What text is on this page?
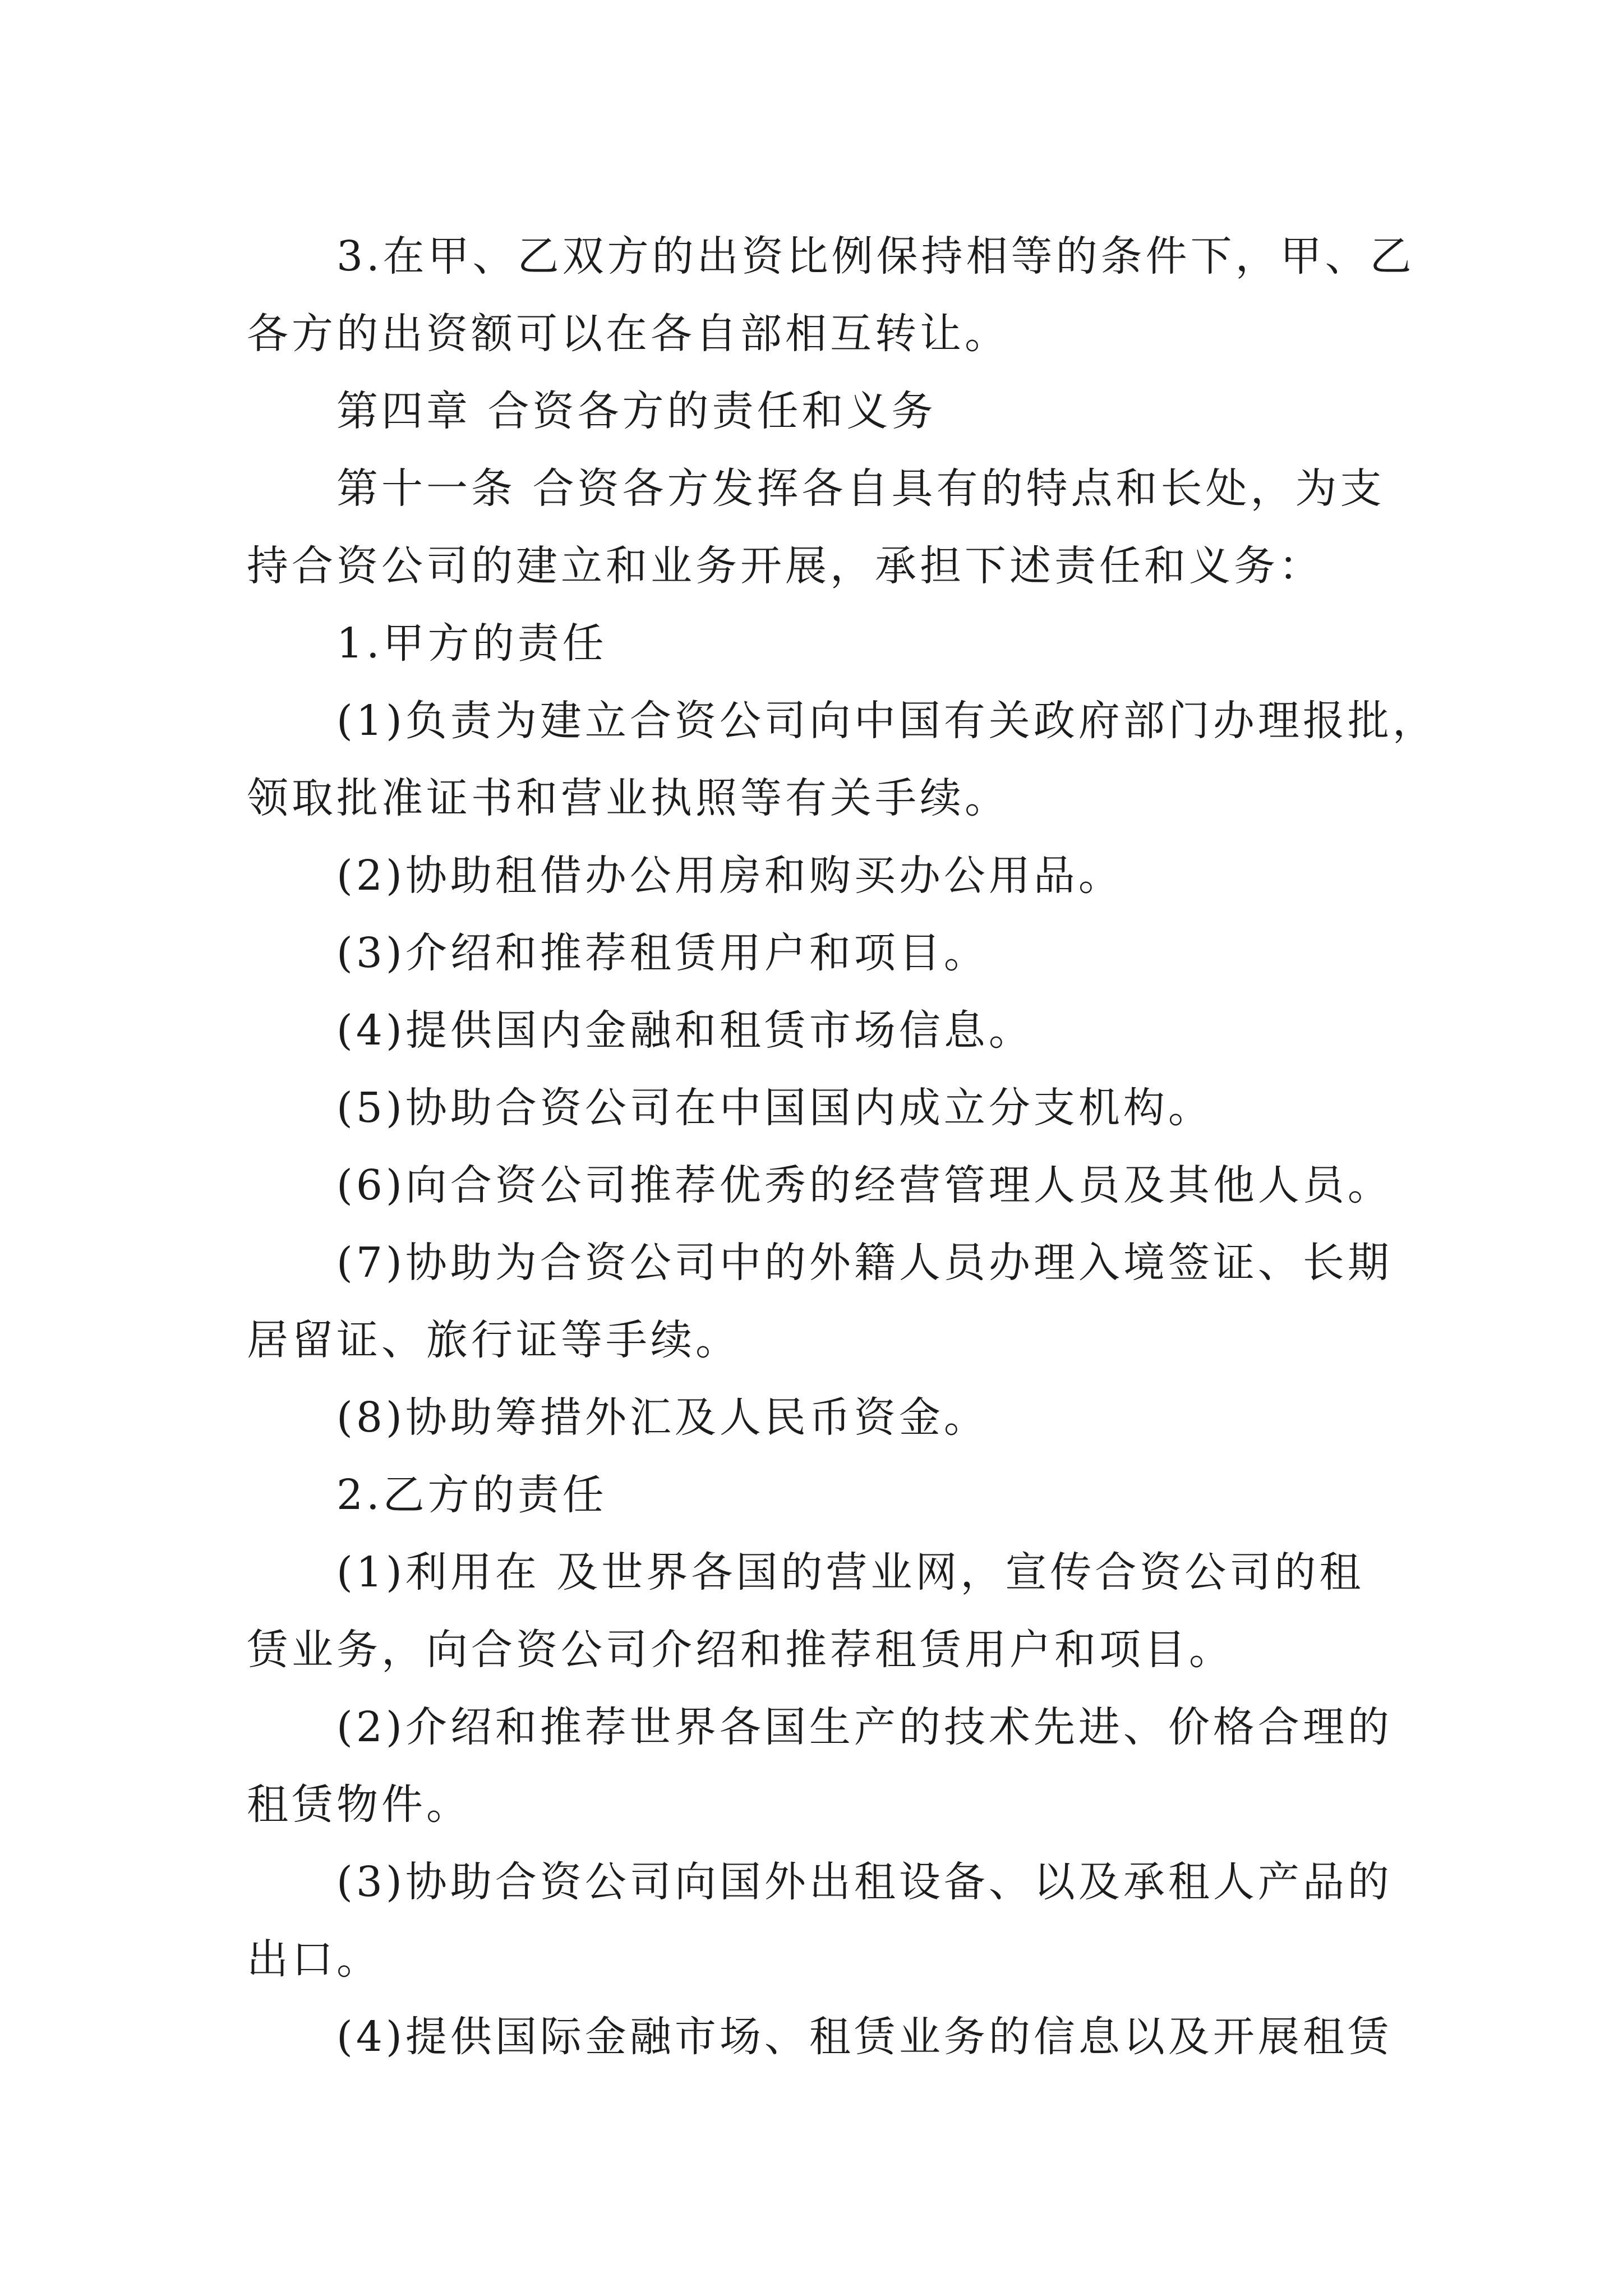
3.在甲、乙双方的出资比例保持相等的条件下，甲、乙
各方的出资额可以在各自部相互转让。
第四章 合资各方的责任和义务
第十一条 合资各方发挥各自具有的特点和长处，为支
持合资公司的建立和业务开展，承担下述责任和义务：
1.甲方的责任
(1)负责为建立合资公司向中国有关政府部门办理报批，
领取批准证书和营业执照等有关手续。
(2)协助租借办公用房和购买办公用品。
(3)介绍和推荐租赁用户和项目。
(4)提供国内金融和租赁市场信息。
(5)协助合资公司在中国国内成立分支机构。
(6)向合资公司推荐优秀的经营管理人员及其他人员。
(7)协助为合资公司中的外籍人员办理入境签证、长期
居留证、旅行证等手续。
(8)协助筹措外汇及人民币资金。
2.乙方的责任
(1)利用在 及世界各国的营业网，宣传合资公司的租
赁业务，向合资公司介绍和推荐租赁用户和项目。
(2)介绍和推荐世界各国生产的技术先进、价格合理的
租赁物件。
(3)协助合资公司向国外出租设备、以及承租人产品的
出口。
(4)提供国际金融市场、租赁业务的信息以及开展租赁
